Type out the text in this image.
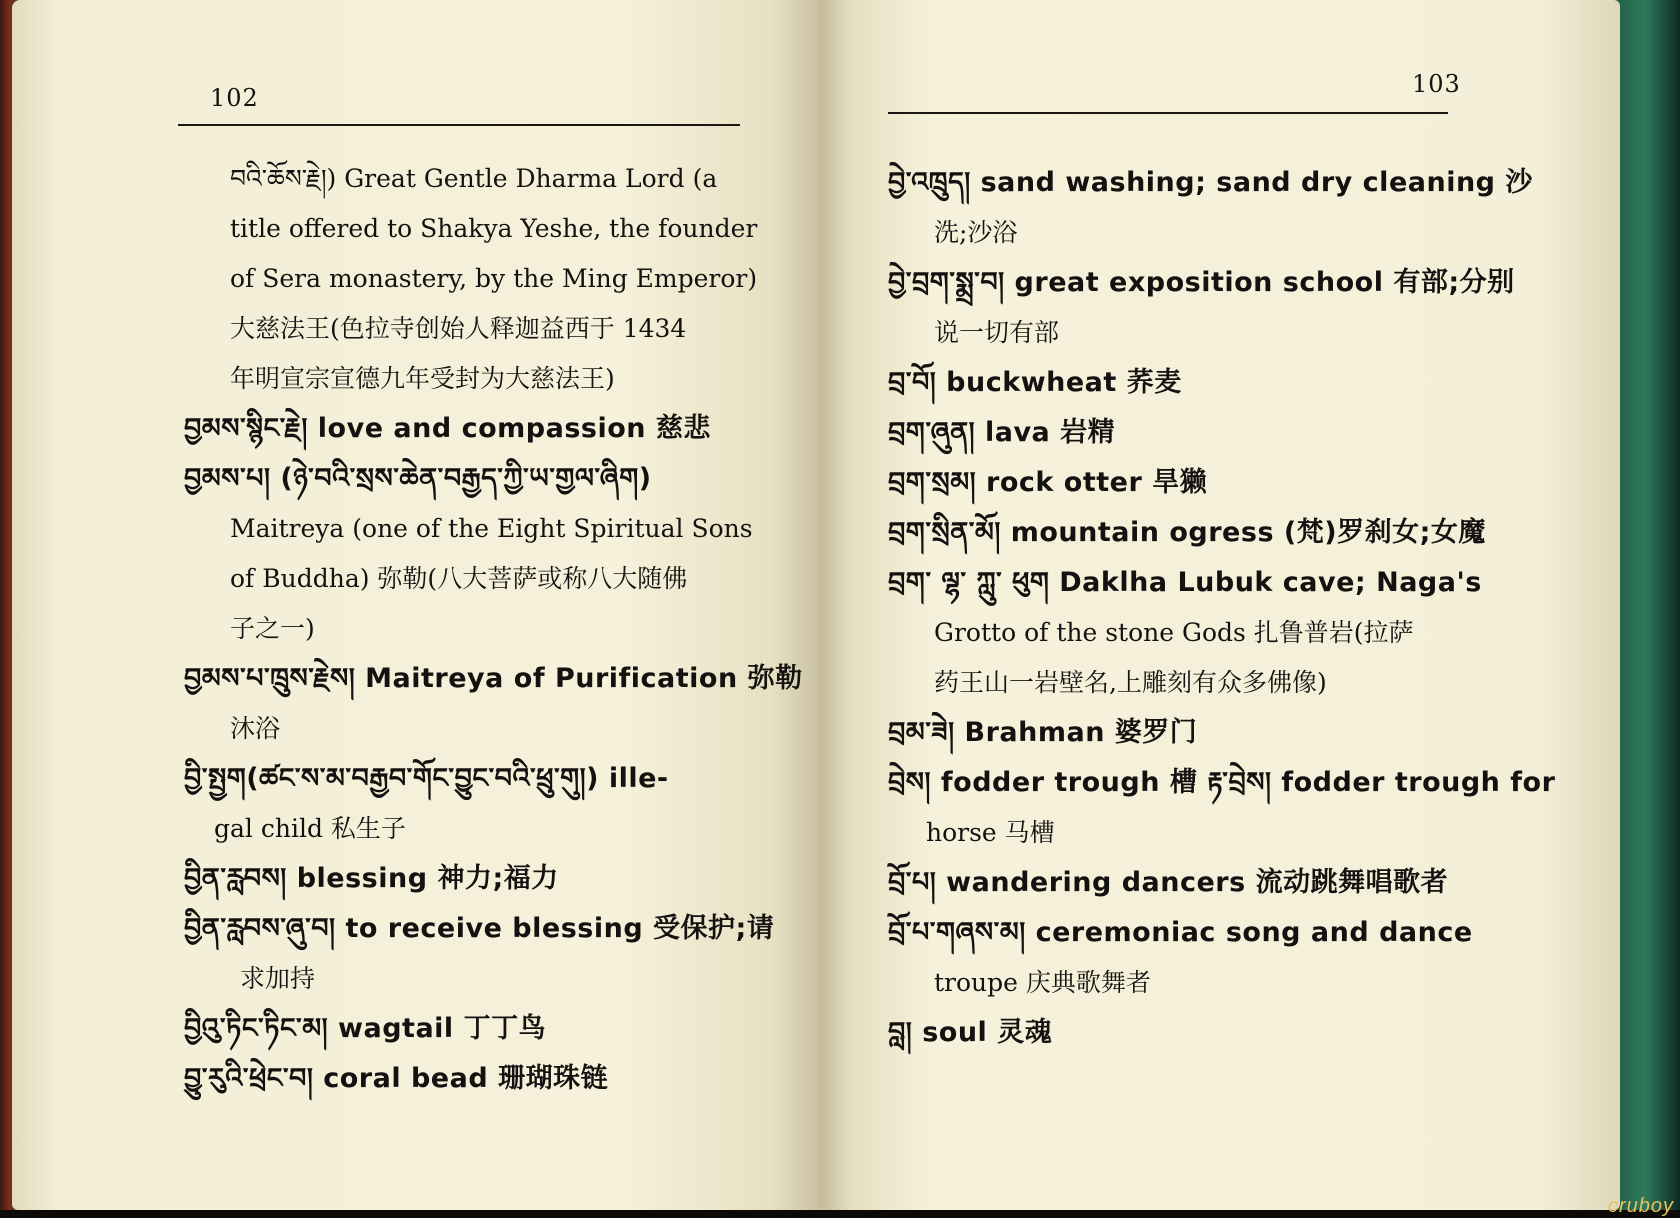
102
བའི་ཆོས་རྗེ།) Great Gentle Dharma Lord (a
title offered to Shakya Yeshe, the founder
of Sera monastery, by the Ming Emperor)
大慈法王(色拉寺创始人释迦益西于 1434
年明宣宗宣德九年受封为大慈法王)
བྱམས་སྙིང་རྗེ། love and compassion 慈悲
བྱམས་པ། (ཉེ་བའི་སྲས་ཆེན་བརྒྱད་ཀྱི་ཡ་གྱལ་ཞིག)
Maitreya (one of the Eight Spiritual Sons
of Buddha) 弥勒(八大菩萨或称八大随佛
子之一)
བྱམས་པ་ཁྲུས་རྗེས། Maitreya of Purification 弥勒
沐浴
བྱི་སྤྱག(ཚང་ས་མ་བརྒྱབ་གོང་བྱུང་བའི་ཕྲུ་གུ།) ille-
gal child 私生子
བྱིན་རླབས། blessing 神力;福力
བྱིན་རླབས་ཞུ་བ། to receive blessing 受保护;请
求加持
བྱིའུ་ཏིང་ཏིང་མ། wagtail 丁丁鸟
བྱུ་རུའི་ཕྲེང་བ། coral bead 珊瑚珠链
103
བྱེ་འཁྲུད། sand washing; sand dry cleaning 沙
洗;沙浴
བྱེ་བྲག་སྨྲ་བ། great exposition school 有部;分别
说一切有部
བྲ་བོ། buckwheat 荞麦
བྲག་ཞུན། lava 岩精
བྲག་སྲམ། rock otter 旱獭
བྲག་སྲིན་མོ། mountain ogress (梵)罗刹女;女魔
བྲག་ ལྷ་ ཀླུ་ ཕུག Daklha Lubuk cave; Naga's
Grotto of the stone Gods 扎鲁普岩(拉萨
药王山一岩壁名,上雕刻有众多佛像)
བྲམ་ཟེ། Brahman 婆罗门
བྲེས། fodder trough 槽 རྟ་བྲེས། fodder trough for
horse 马槽
བྲོ་པ། wandering dancers 流动跳舞唱歌者
བྲོ་པ་གཞས་མ། ceremoniac song and dance
troupe 庆典歌舞者
བླ། soul 灵魂
cruboy
